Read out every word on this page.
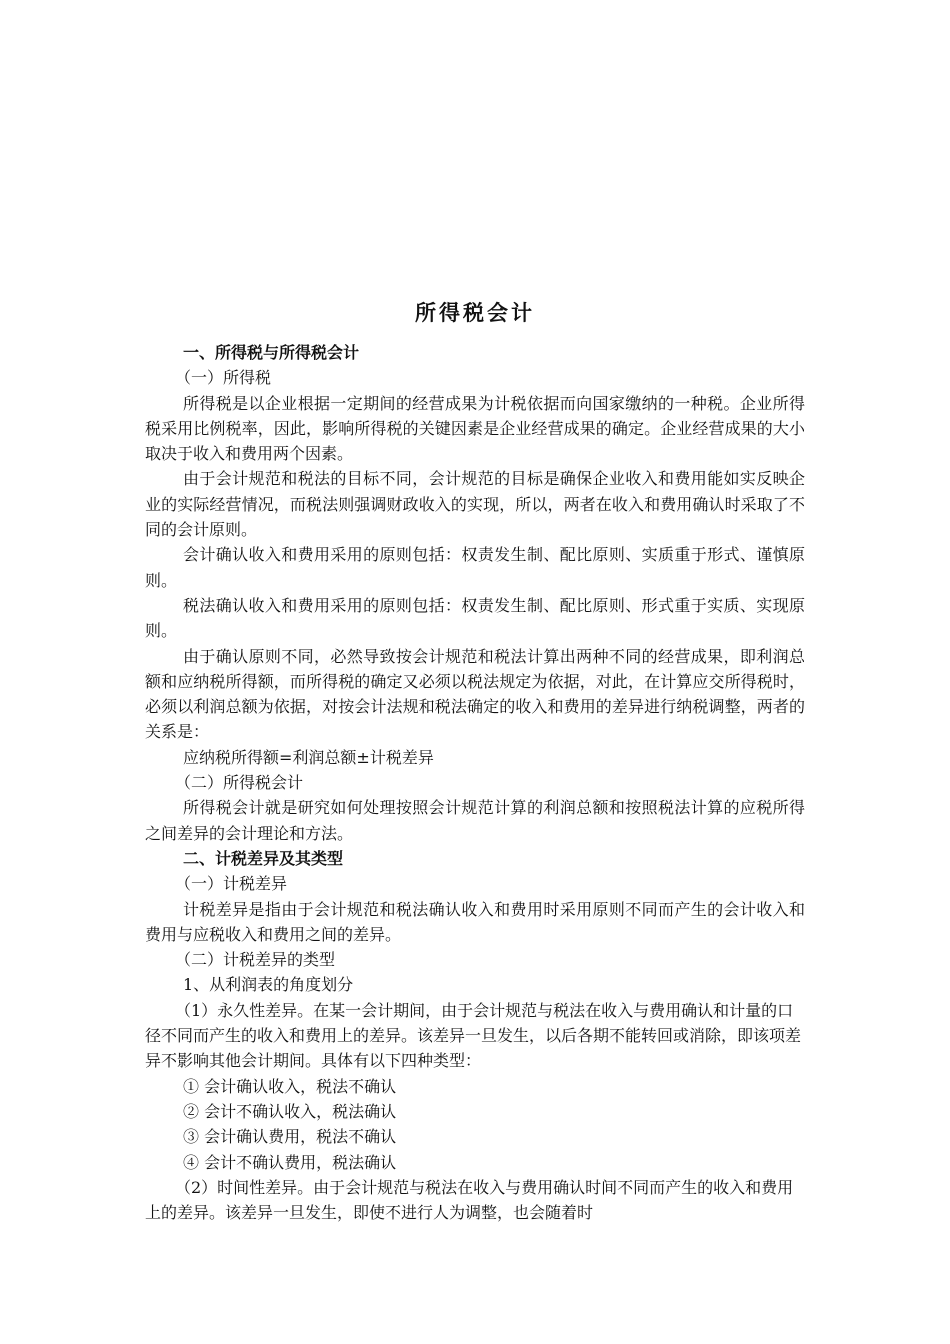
所得税会计
一、所得税与所得税会计
（一）所得税
所得税是以企业根据一定期间的经营成果为计税依据而向国家缴纳的一种税。企业所得税采用比例税率，因此，影响所得税的关键因素是企业经营成果的确定。企业经营成果的大小取决于收入和费用两个因素。
由于会计规范和税法的目标不同，会计规范的目标是确保企业收入和费用能如实反映企业的实际经营情况，而税法则强调财政收入的实现，所以，两者在收入和费用确认时采取了不同的会计原则。
会计确认收入和费用采用的原则包括：权责发生制、配比原则、实质重于形式、谨慎原则。
税法确认收入和费用采用的原则包括：权责发生制、配比原则、形式重于实质、实现原则。
由于确认原则不同，必然导致按会计规范和税法计算出两种不同的经营成果，即利润总额和应纳税所得额，而所得税的确定又必须以税法规定为依据，对此，在计算应交所得税时，必须以利润总额为依据，对按会计法规和税法确定的收入和费用的差异进行纳税调整，两者的关系是：
应纳税所得额=利润总额±计税差异
（二）所得税会计
所得税会计就是研究如何处理按照会计规范计算的利润总额和按照税法计算的应税所得之间差异的会计理论和方法。
二、计税差异及其类型
（一）计税差异
计税差异是指由于会计规范和税法确认收入和费用时采用原则不同而产生的会计收入和费用与应税收入和费用之间的差异。
（二）计税差异的类型
1、从利润表的角度划分
（1）永久性差异。在某一会计期间，由于会计规范与税法在收入与费用确认和计量的口径不同而产生的收入和费用上的差异。该差异一旦发生，以后各期不能转回或消除，即该项差异不影响其他会计期间。具体有以下四种类型：
① 会计确认收入，税法不确认
② 会计不确认收入，税法确认
③ 会计确认费用，税法不确认
④ 会计不确认费用，税法确认
（2）时间性差异。由于会计规范与税法在收入与费用确认时间不同而产生的收入和费用上的差异。该差异一旦发生，即使不进行人为调整，也会随着时
